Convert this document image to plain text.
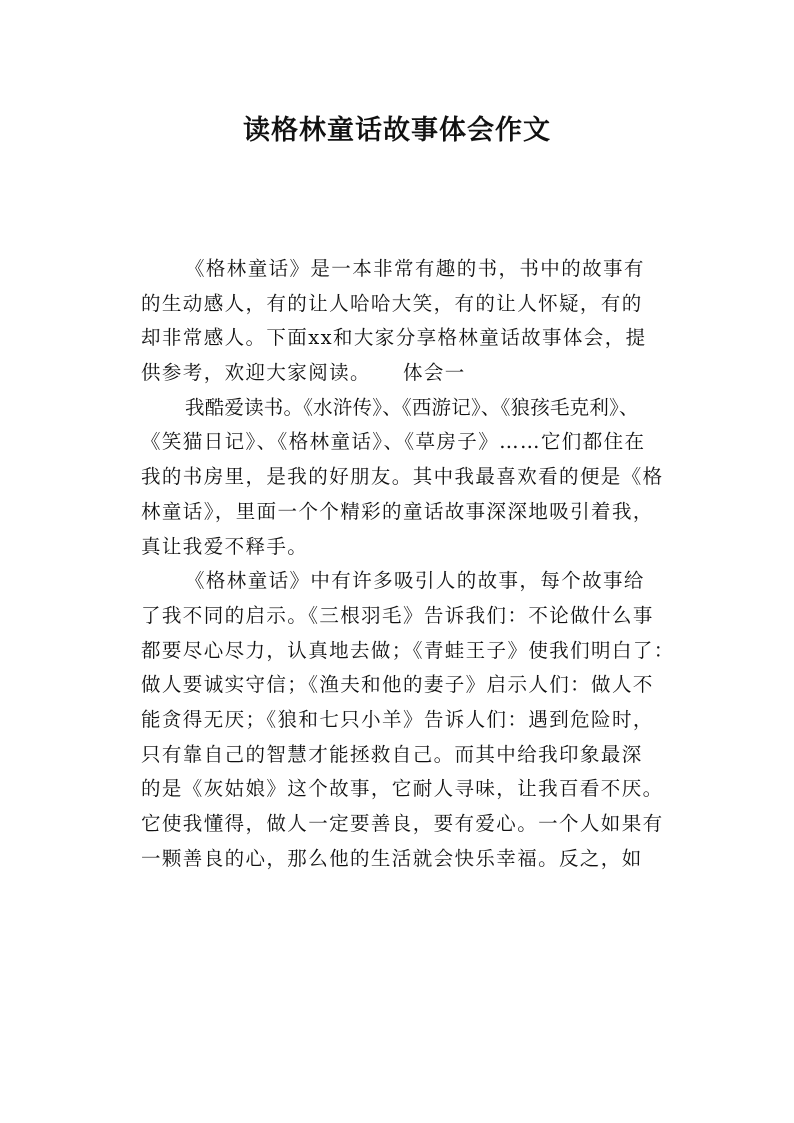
读格林童话故事体会作文
《格林童话》是一本非常有趣的书，书中的故事有
的生动感人，有的让人哈哈大笑，有的让人怀疑，有的
却非常感人。下面xx和大家分享格林童话故事体会，提
供参考，欢迎大家阅读。　　体会一
我酷爱读书。《水浒传》、《西游记》、《狼孩毛克利》、
《笑猫日记》、《格林童话》、《草房子》……它们都住在
我的书房里，是我的好朋友。其中我最喜欢看的便是《格
林童话》，里面一个个精彩的童话故事深深地吸引着我，
真让我爱不释手。
《格林童话》中有许多吸引人的故事，每个故事给
了我不同的启示。《三根羽毛》告诉我们：不论做什么事
都要尽心尽力，认真地去做；《青蛙王子》使我们明白了：
做人要诚实守信；《渔夫和他的妻子》启示人们：做人不
能贪得无厌；《狼和七只小羊》告诉人们：遇到危险时，
只有靠自己的智慧才能拯救自己。而其中给我印象最深
的是《灰姑娘》这个故事，它耐人寻味，让我百看不厌。
它使我懂得，做人一定要善良，要有爱心。一个人如果有
一颗善良的心，那么他的生活就会快乐幸福。反之，如
